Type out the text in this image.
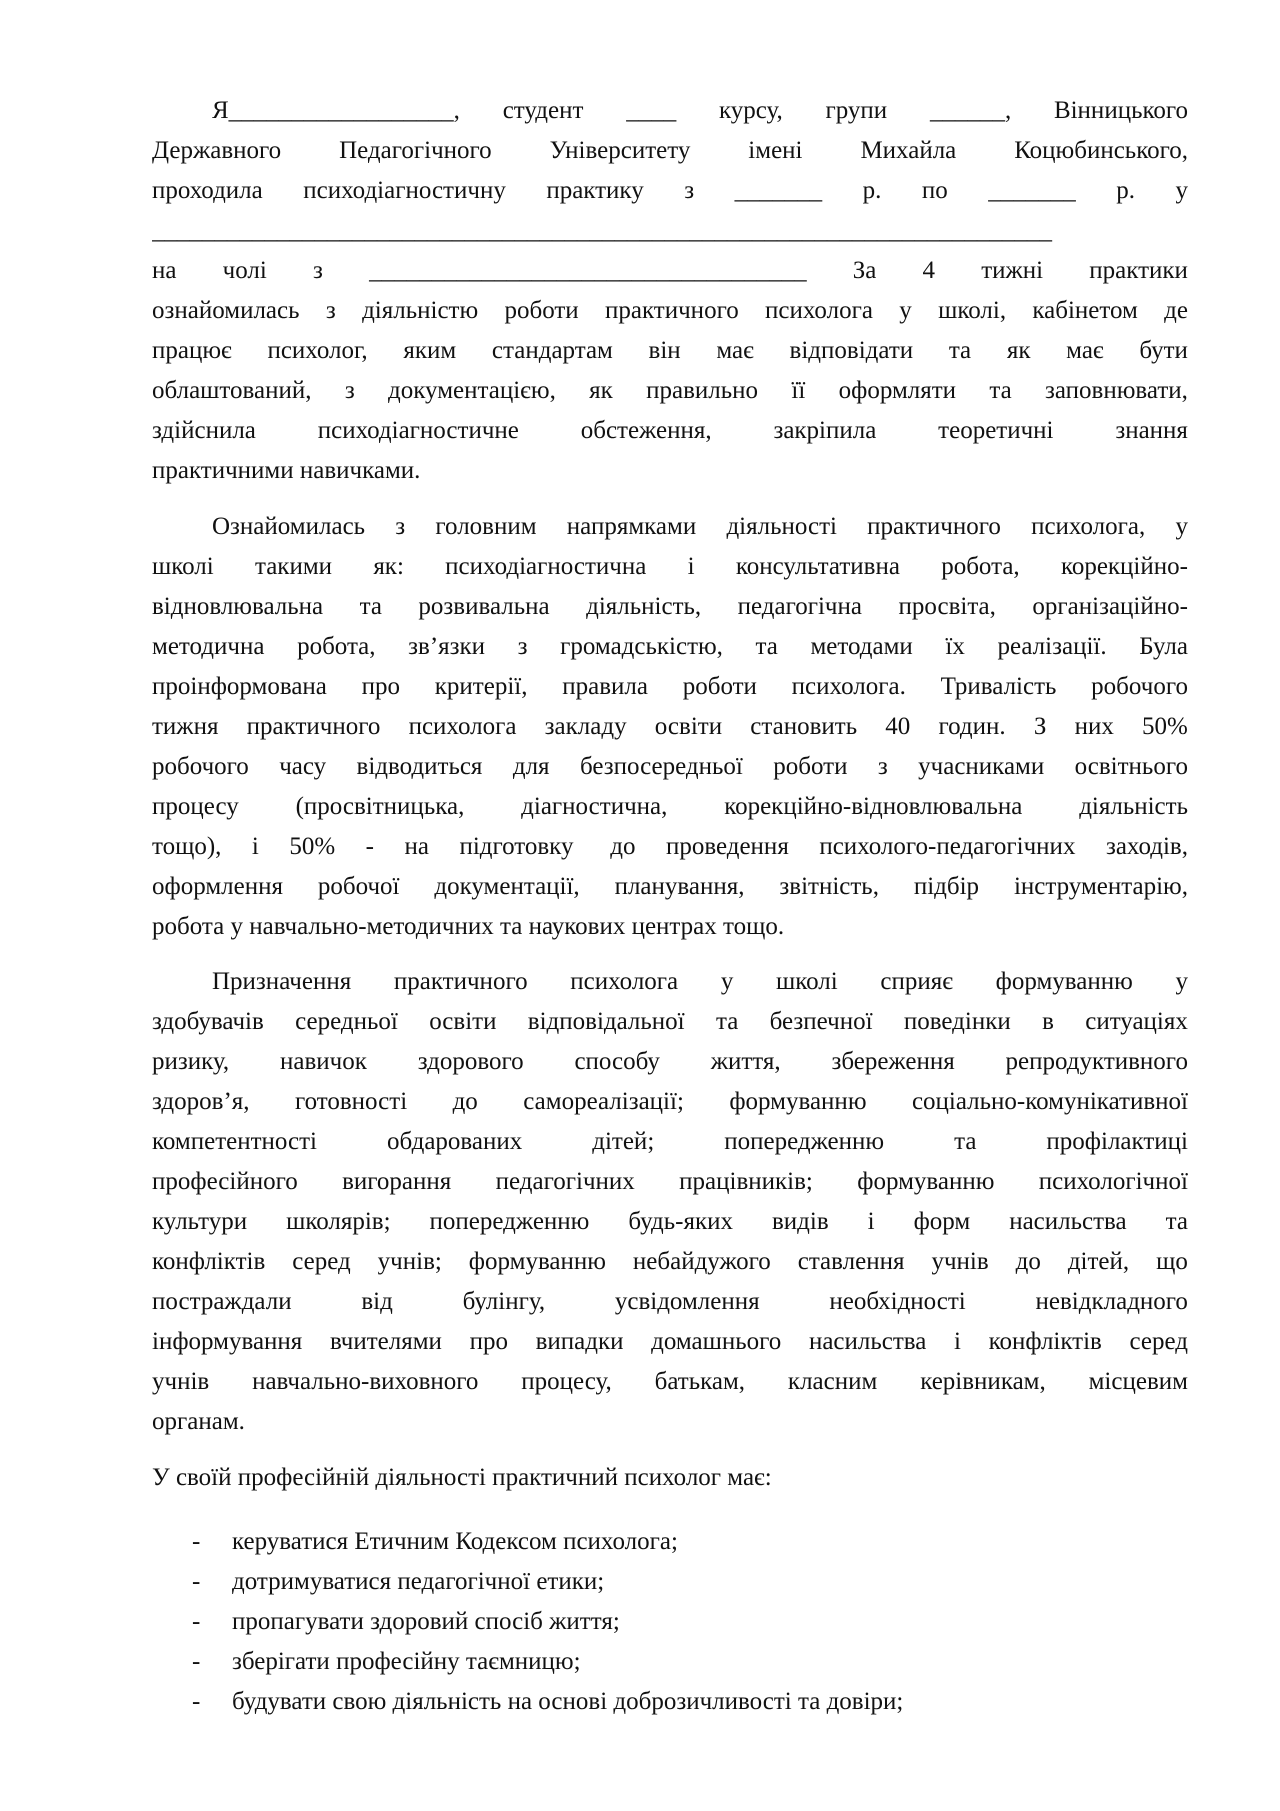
Я__________________, студент ____ курсу, групи ______, Вінницького
Державного Педагогічного Університету імені Михайла Коцюбинського,
проходила психодіагностичну практику з _______ р. по _______ р. у
________________________________________________________________________
на чолі з ___________________________________ За 4 тижні практики
ознайомилась з діяльністю роботи практичного психолога у школі, кабінетом де
працює психолог, яким стандартам він має відповідати та як має бути
облаштований, з документацією, як правильно її оформляти та заповнювати,
здійснила психодіагностичне обстеження, закріпила теоретичні знання
практичними навичками.
Ознайомилась з головним напрямками діяльності практичного психолога, у
школі такими як: психодіагностична і консультативна робота, корекційно-
відновлювальна та розвивальна діяльність, педагогічна просвіта, організаційно-
методична робота, зв’язки з громадськістю, та методами їх реалізації. Була
проінформована про критерії, правила роботи психолога. Тривалість робочого
тижня практичного психолога закладу освіти становить 40 годин. З них 50%
робочого часу відводиться для безпосередньої роботи з учасниками освітнього
процесу (просвітницька, діагностична, корекційно-відновлювальна діяльність
тощо), і 50% - на підготовку до проведення психолого-педагогічних заходів,
оформлення робочої документації, планування, звітність, підбір інструментарію,
робота у навчально-методичних та наукових центрах тощо.
Призначення практичного психолога у школі сприяє формуванню у
здобувачів середньої освіти відповідальної та безпечної поведінки в ситуаціях
ризику, навичок здорового способу життя, збереження репродуктивного
здоров’я, готовності до самореалізації; формуванню соціально-комунікативної
компетентності	обдарованих	дітей;	попередженню	та	профілактиці
професійного вигорання педагогічних працівників; формуванню психологічної
культури школярів; попередженню будь-яких видів і форм насильства та
конфліктів серед учнів; формуванню небайдужого ставлення учнів до дітей, що
постраждали	від	булінгу,	усвідомлення	необхідності	невідкладного
інформування вчителями про випадки домашнього насильства і конфліктів серед
учнів навчально-виховного процесу, батькам, класним керівникам, місцевим
органам.
У своїй професійній діяльності практичний психолог має:
- керуватися Етичним Кодексом психолога;
- дотримуватися педагогічної етики;
- пропагувати здоровий спосіб життя;
- зберігати професійну таємницю;
- будувати свою діяльність на основі доброзичливості та довіри;
